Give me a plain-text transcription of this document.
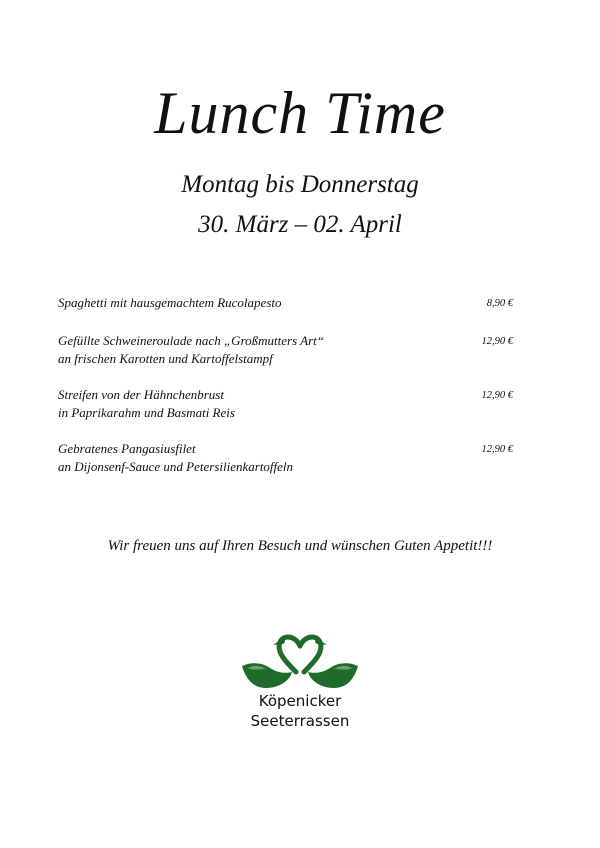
Lunch Time
Montag bis Donnerstag
30. März – 02. April
Spaghetti mit hausgemachtem Rucolapesto	8,90 €
Gefüllte Schweineroulade nach „Großmutters Art“
an frischen Karotten und Kartoffelstampf
12,90 €
Streifen von der Hähnchenbrust
in Paprikarahm und Basmati Reis
12,90 €
Gebratenes Pangasiusfilet
an Dijonsenf-Sauce und Petersilienkartoffeln
12,90 €
Wir freuen uns auf Ihren Besuch und wünschen Guten Appetit!!!
Köpenicker
Seeterrassen
